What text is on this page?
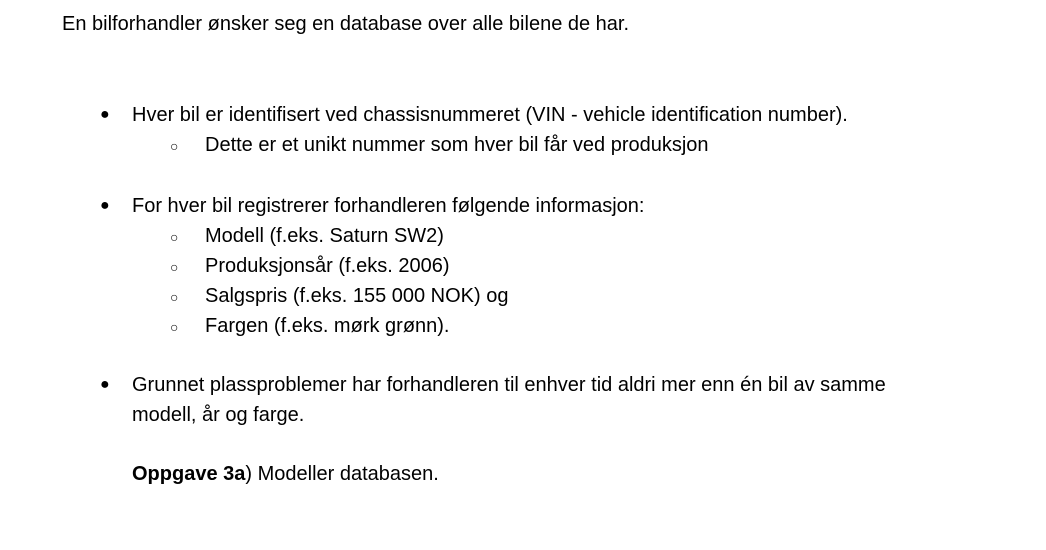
En bilforhandler ønsker seg en database over alle bilene de har.

● Hver bil er identifisert ved chassisnummeret (VIN - vehicle identification number).
○ Dette er et unikt nummer som hver bil får ved produksjon
● For hver bil registrerer forhandleren følgende informasjon:
○ Modell (f.eks. Saturn SW2)
○ Produksjonsår (f.eks. 2006)
○ Salgspris (f.eks. 155 000 NOK) og
○ Fargen (f.eks. mørk grønn).
● Grunnet plassproblemer har forhandleren til enhver tid aldri mer enn én bil av samme
modell, år og farge.

Oppgave 3a) Modeller databasen.
